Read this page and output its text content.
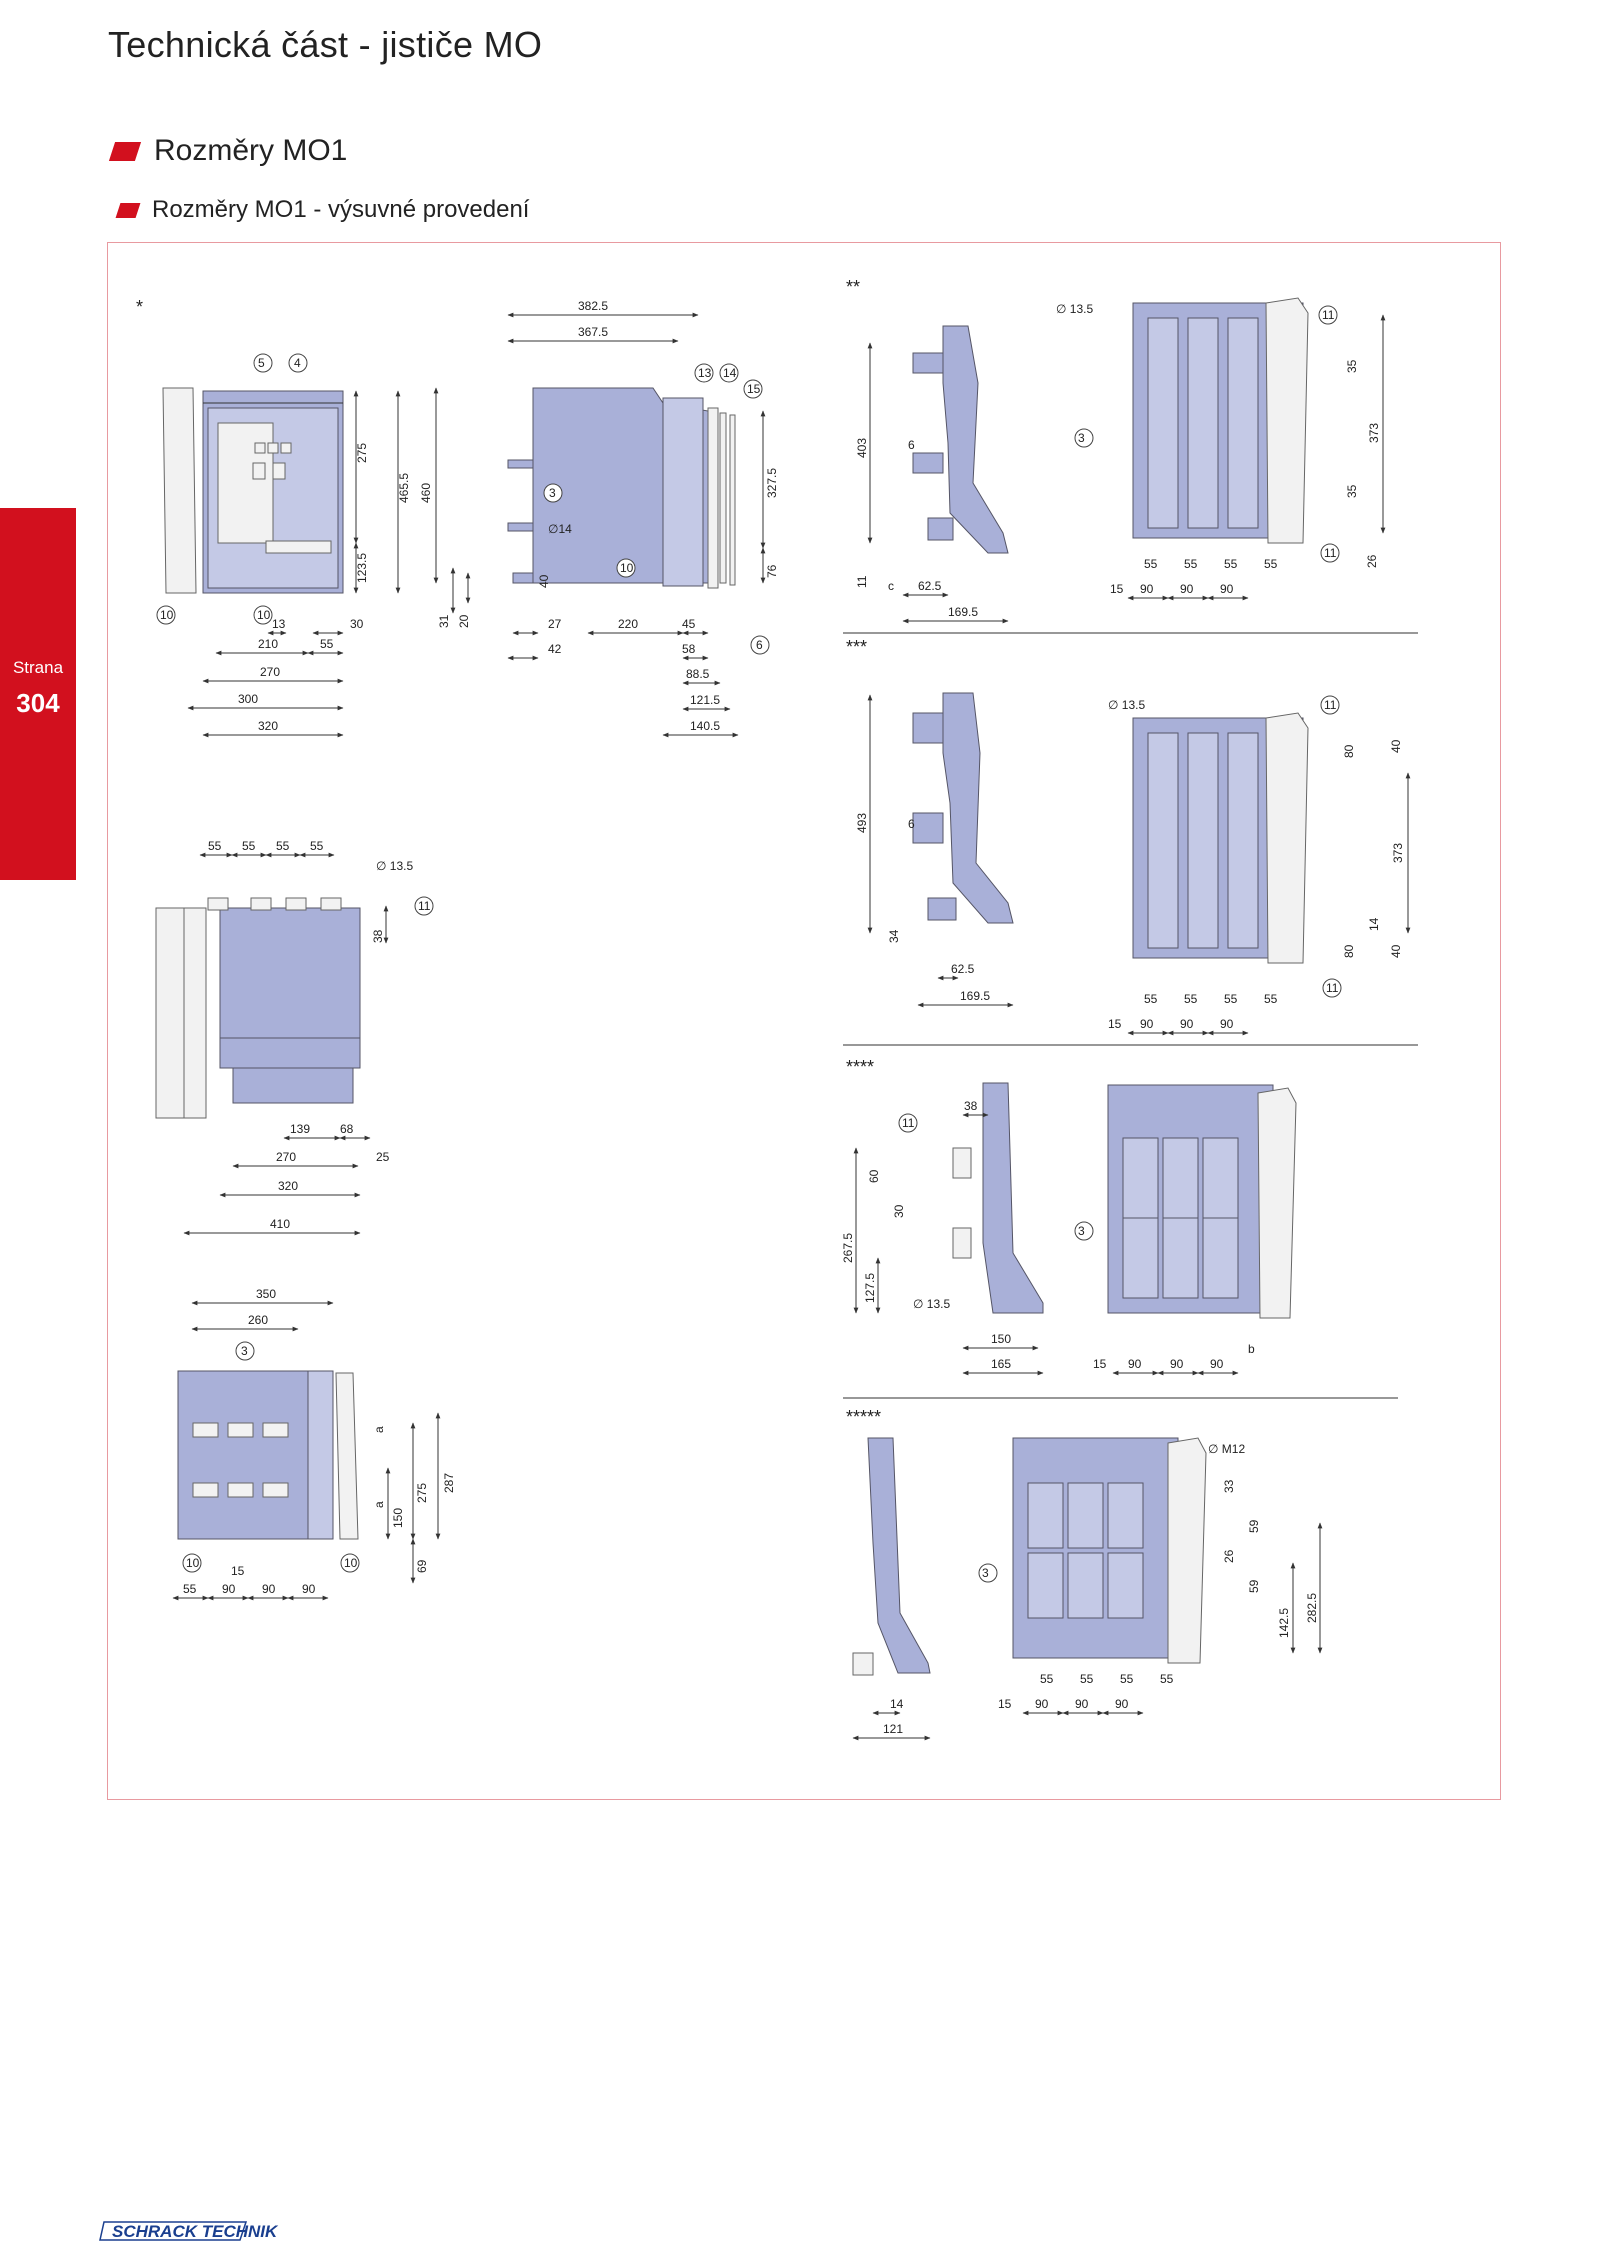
Technická část - jističe MO
Rozměry MO1
Rozměry MO1 - výsuvné provedení
Strana
304
*
**
***
****
*****
5 4
10	10
275
465.5
123.5
13	30
210	55
270
300
320
3
10
13 14
15
6
∅14
382.5
367.5
460	327.5
76
31 20
40
27	220	45
42	58
88.5
121.5
140.5
11
55 55 55 55
∅ 13.5
38
139 68
270	25
320
410
3
10	10
350
260
a
a
150
275 287
69
15
55 90 90 90
∅ 13.5
3
11
11
403	6
11 c 62.5
169.5
35
373
35
26
55 55 55 55
15 90 90 90
∅ 13.5	11
11
493	6
34
62.5
169.5
80	40
373
14
80	40
55 55 55 55
15 90 90 90
11
3
38
60
30
267.5
127.5
∅ 13.5
150
165	15 90 90 90
b
3
∅ M12
33
59
26
59
142.5 282.5
14
121
55 55 55 55
15 90 90 90
SCHRACK TECHNIK
